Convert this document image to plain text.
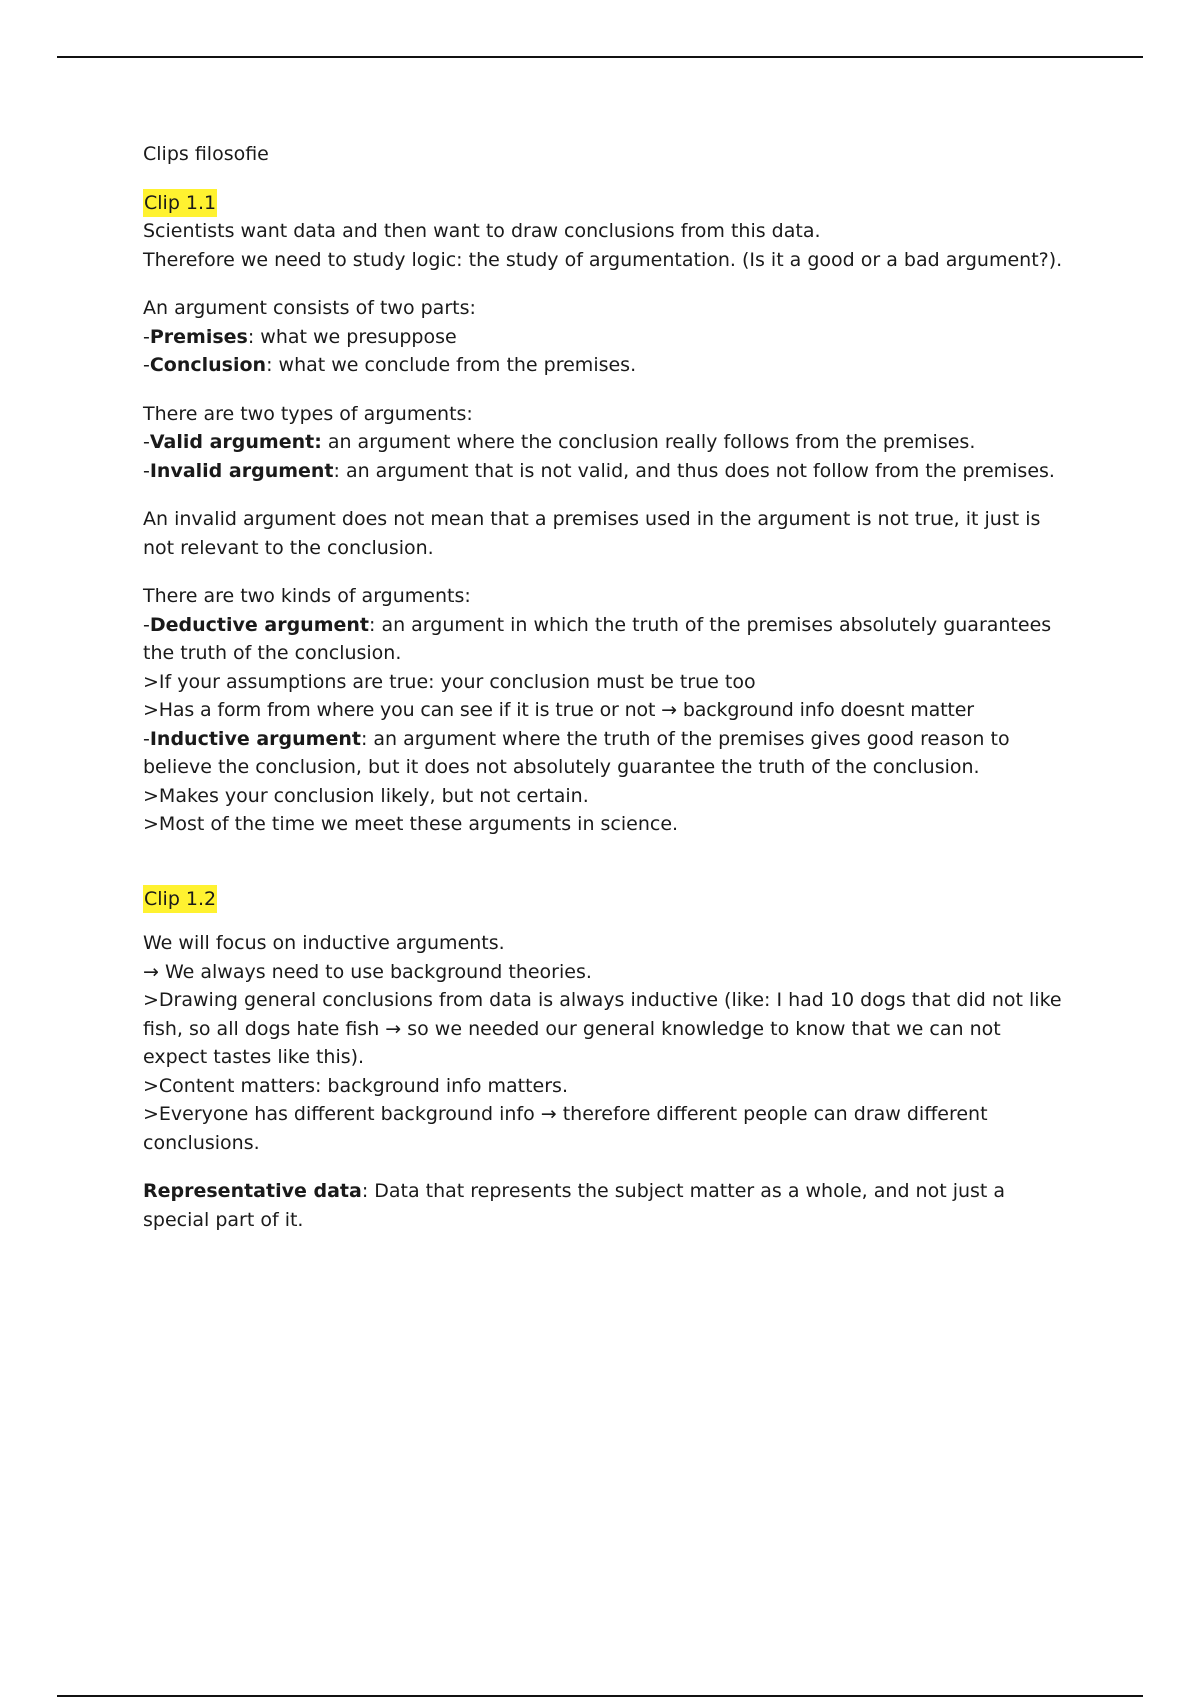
Clips filosofie

Clip 1.1

Scientists want data and then want to draw conclusions from this data.

Therefore we need to study logic: the study of argumentation. (Is it a good or a bad argument?).

An argument consists of two parts:

-Premises: what we presuppose

-Conclusion: what we conclude from the premises.

There are two types of arguments:

-Valid argument: an argument where the conclusion really follows from the premises.

-Invalid argument: an argument that is not valid, and thus does not follow from the premises.

An invalid argument does not mean that a premises used in the argument is not true, it just is not relevant to the conclusion.

There are two kinds of arguments:

-Deductive argument: an argument in which the truth of the premises absolutely guarantees the truth of the conclusion.

>If your assumptions are true: your conclusion must be true too

>Has a form from where you can see if it is true or not → background info doesnt matter

-Inductive argument: an argument where the truth of the premises gives good reason to believe the conclusion, but it does not absolutely guarantee the truth of the conclusion.

>Makes your conclusion likely, but not certain.

>Most of the time we meet these arguments in science.

Clip 1.2

We will focus on inductive arguments.

→ We always need to use background theories.

>Drawing general conclusions from data is always inductive (like: I had 10 dogs that did not like fish, so all dogs hate fish → so we needed our general knowledge to know that we can not expect tastes like this).

>Content matters: background info matters.

>Everyone has different background info → therefore different people can draw different conclusions.

Representative data: Data that represents the subject matter as a whole, and not just a special part of it.
